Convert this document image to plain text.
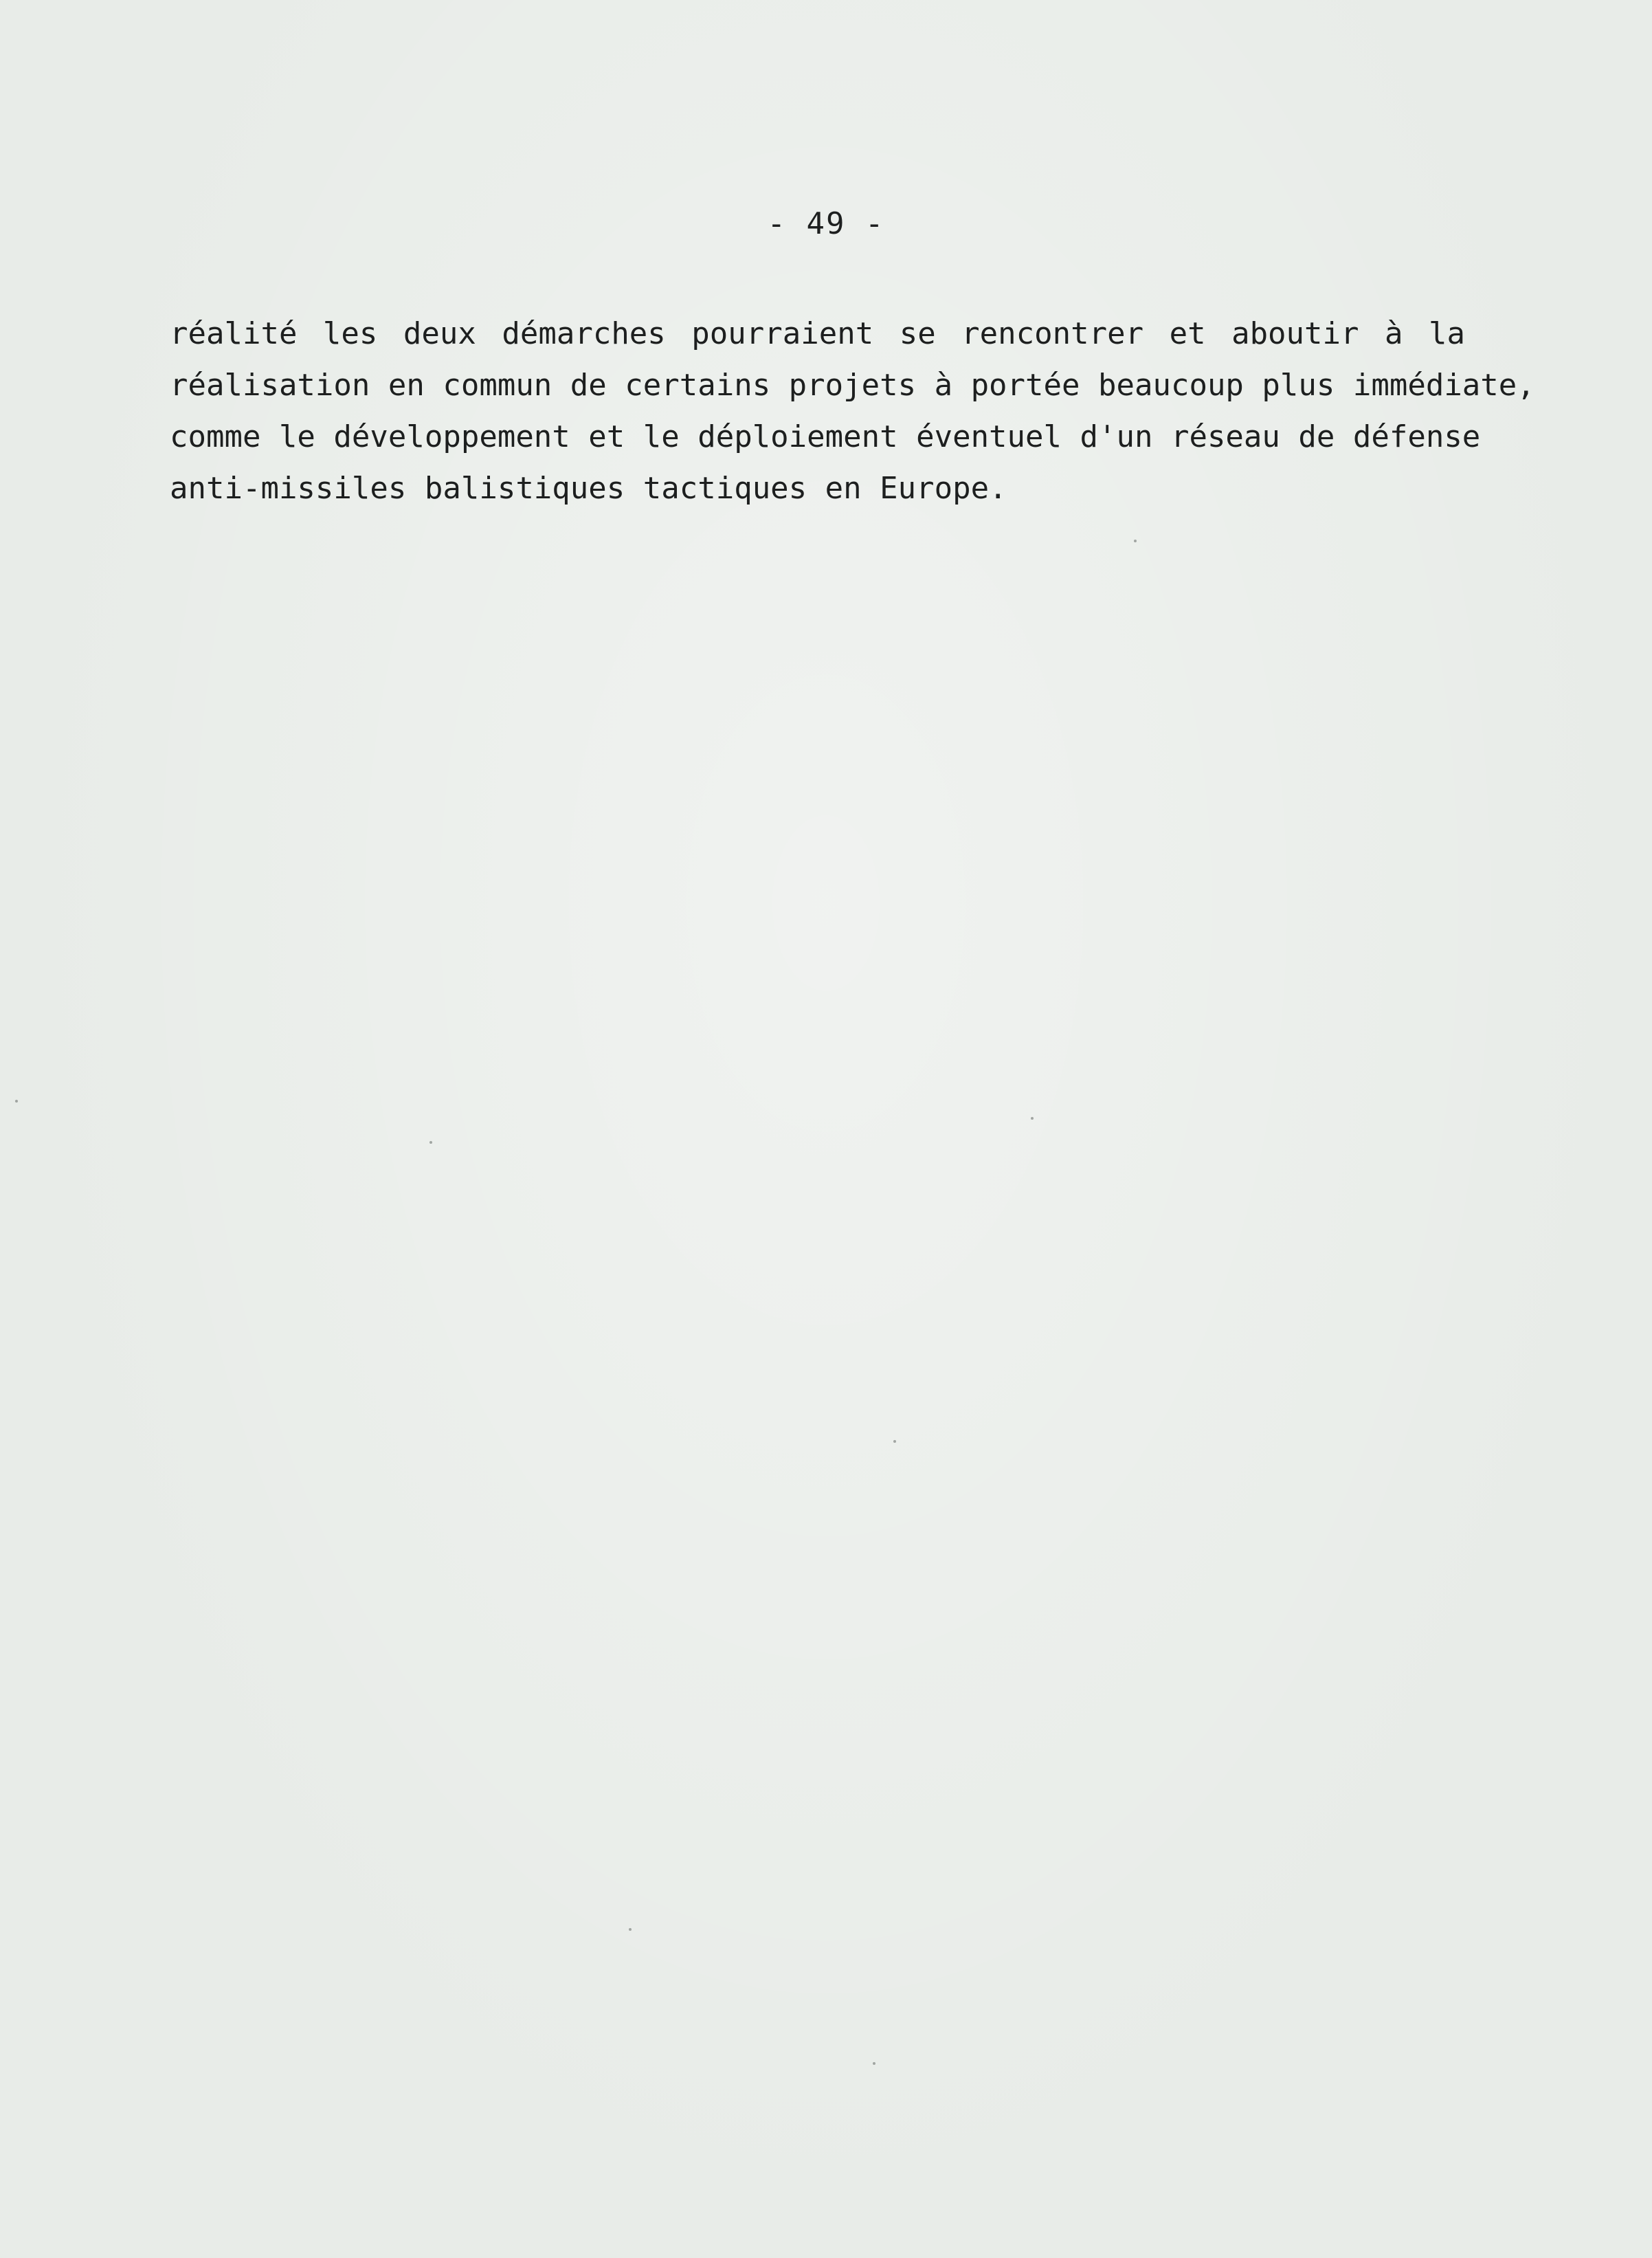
- 49 -
réalité les deux démarches pourraient se rencontrer et aboutir à la
réalisation en commun de certains projets à portée beaucoup plus immédiate,
comme le développement et le déploiement éventuel d'un réseau de défense
anti-missiles balistiques tactiques en Europe.
